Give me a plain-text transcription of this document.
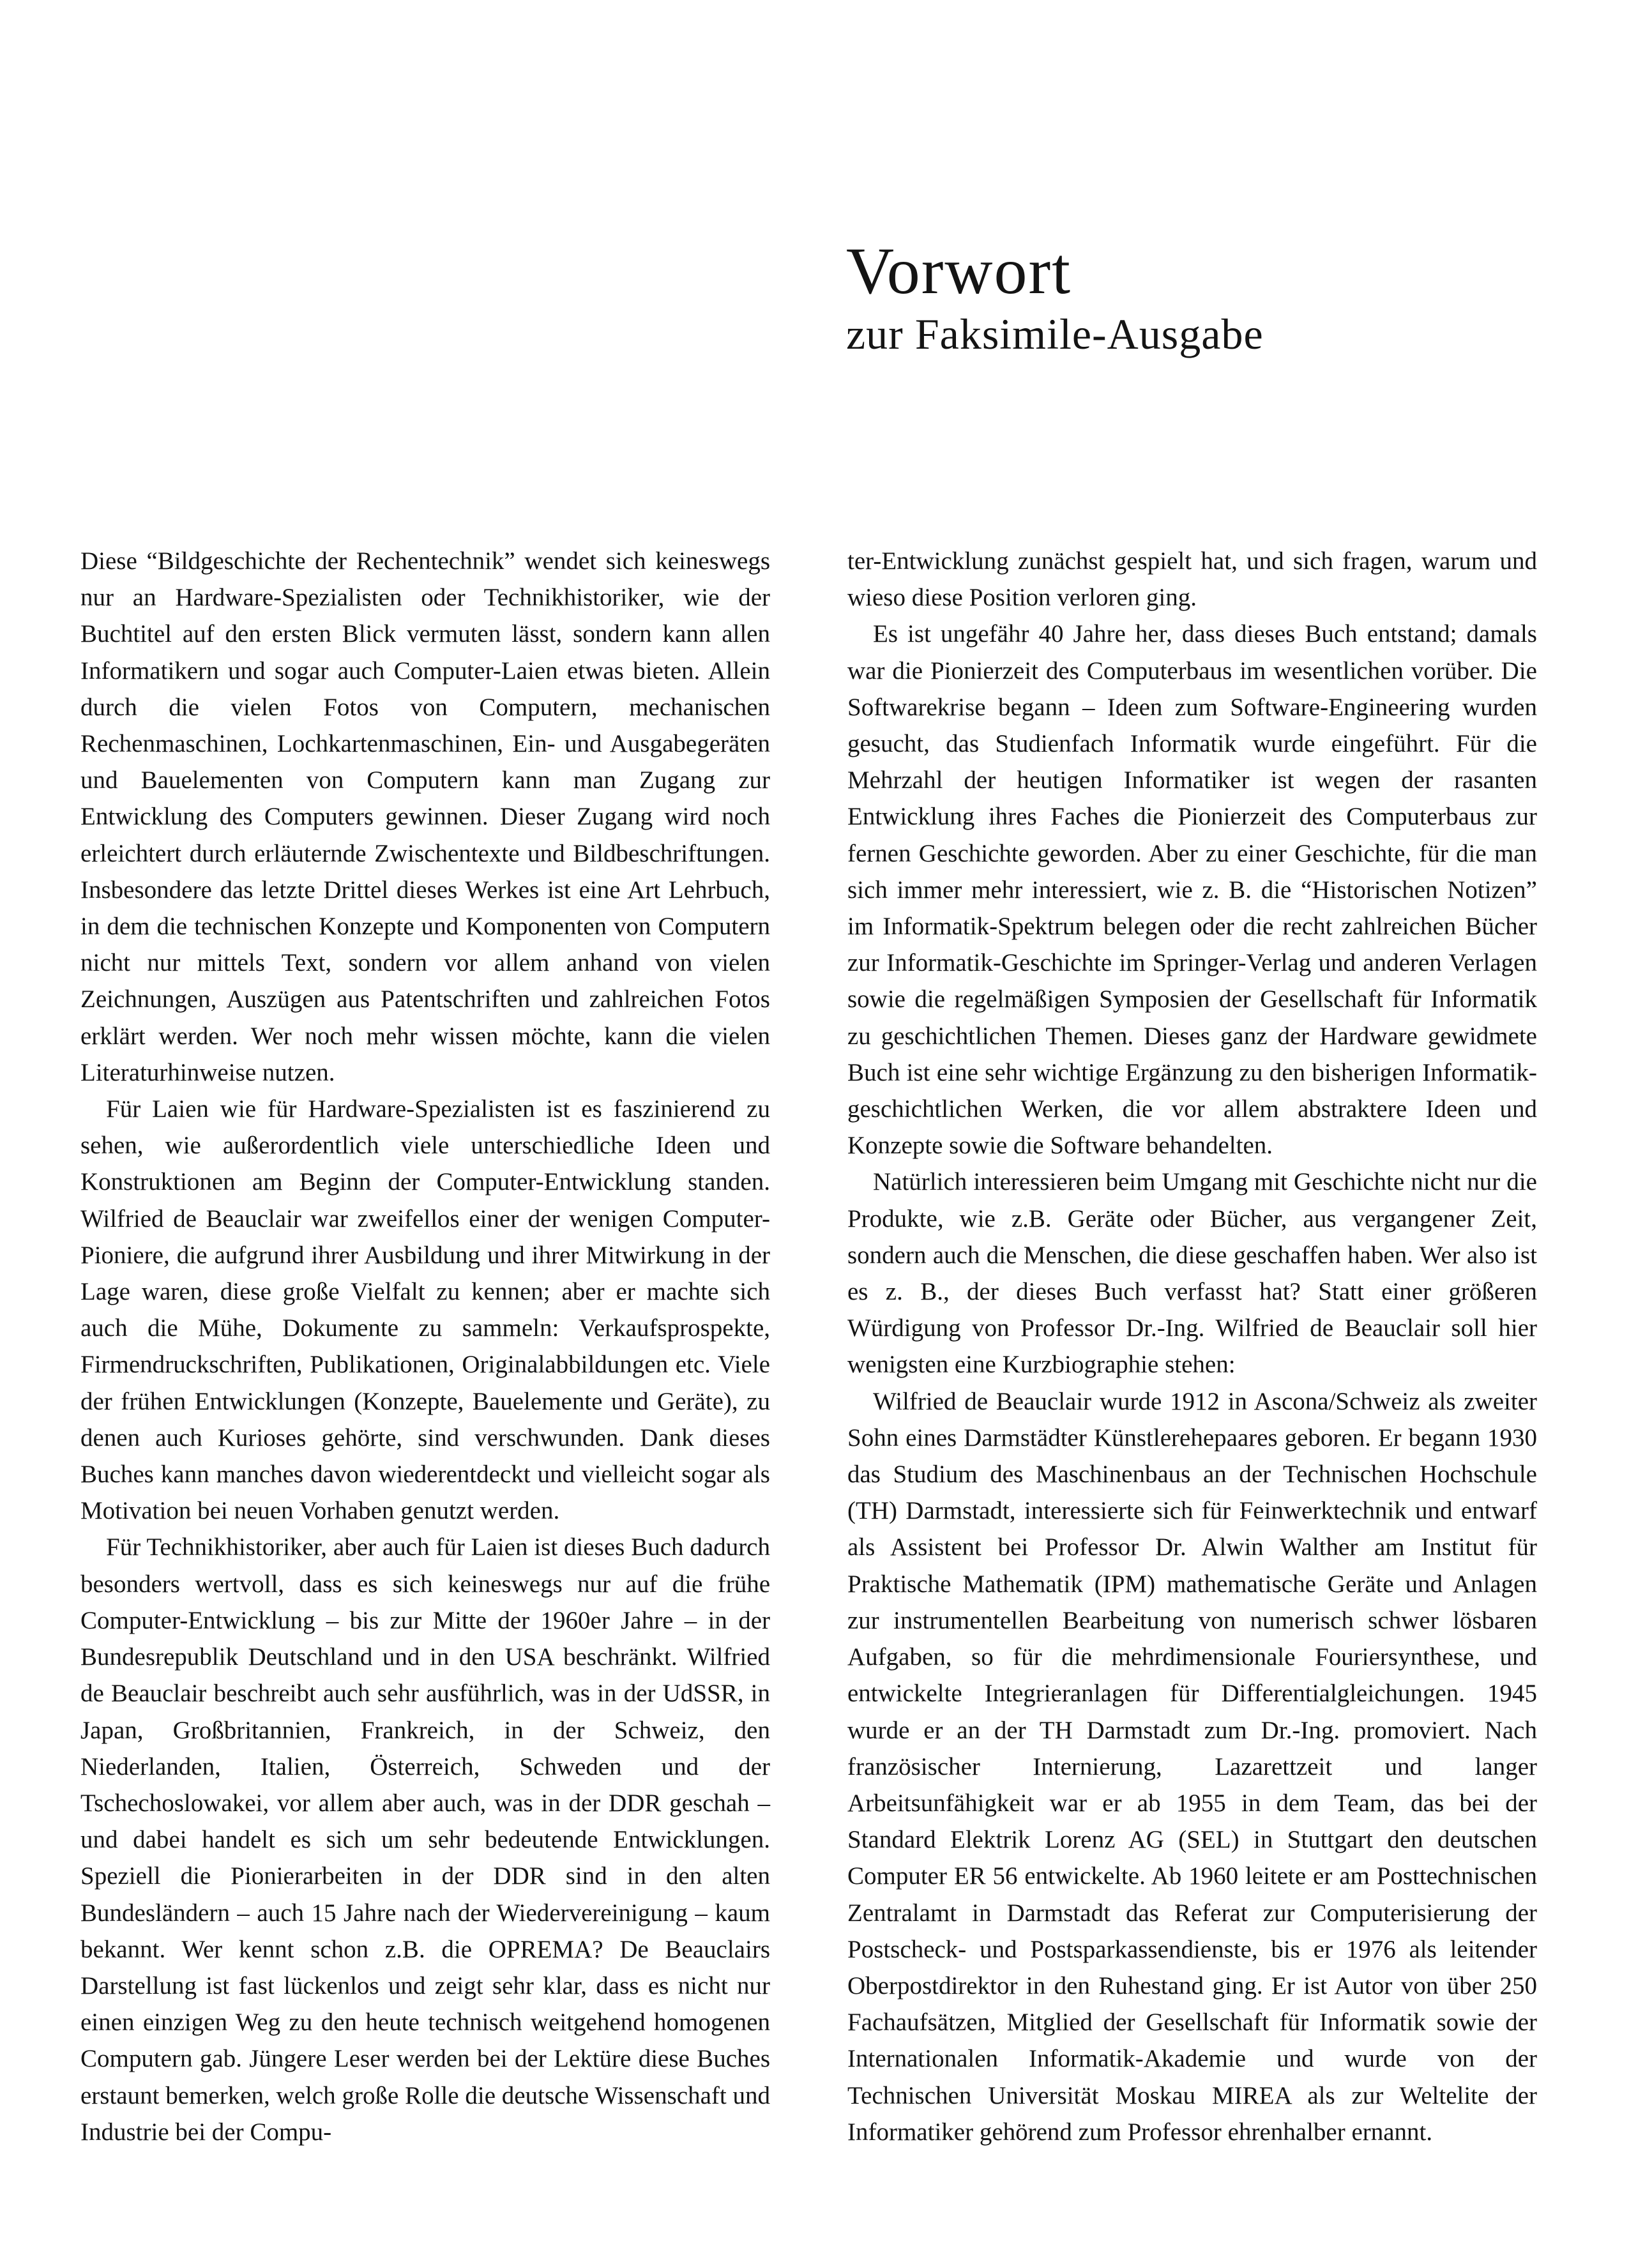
Vorwort
zur Faksimile-Ausgabe

Diese “Bildgeschichte der Rechentechnik” wendet sich keineswegs nur an Hardware-Spezialisten oder Technikhistoriker, wie der Buchtitel auf den ersten Blick vermuten lässt, sondern kann allen Informatikern und sogar auch Computer-Laien etwas bieten. Allein durch die vielen Fotos von Computern, mechanischen Rechenmaschinen, Lochkartenmaschinen, Ein- und Ausgabegeräten und Bauelementen von Computern kann man Zugang zur Entwicklung des Computers gewinnen. Dieser Zugang wird noch erleichtert durch erläuternde Zwischentexte und Bildbeschriftungen. Insbesondere das letzte Drittel dieses Werkes ist eine Art Lehrbuch, in dem die technischen Konzepte und Komponenten von Computern nicht nur mittels Text, sondern vor allem anhand von vielen Zeichnungen, Auszügen aus Patentschriften und zahlreichen Fotos erklärt werden. Wer noch mehr wissen möchte, kann die vielen Literaturhinweise nutzen.

Für Laien wie für Hardware-Spezialisten ist es faszinierend zu sehen, wie außerordentlich viele unterschiedliche Ideen und Konstruktionen am Beginn der Computer-Entwicklung standen. Wilfried de Beauclair war zweifellos einer der wenigen Computer-Pioniere, die aufgrund ihrer Ausbildung und ihrer Mitwirkung in der Lage waren, diese große Vielfalt zu kennen; aber er machte sich auch die Mühe, Dokumente zu sammeln: Verkaufsprospekte, Firmendruckschriften, Publikationen, Originalabbildungen etc. Viele der frühen Entwicklungen (Konzepte, Bauelemente und Geräte), zu denen auch Kurioses gehörte, sind verschwunden. Dank dieses Buches kann manches davon wiederentdeckt und vielleicht sogar als Motivation bei neuen Vorhaben genutzt werden.

Für Technikhistoriker, aber auch für Laien ist dieses Buch dadurch besonders wertvoll, dass es sich keineswegs nur auf die frühe Computer-Entwicklung – bis zur Mitte der 1960er Jahre – in der Bundesrepublik Deutschland und in den USA beschränkt. Wilfried de Beauclair beschreibt auch sehr ausführlich, was in der UdSSR, in Japan, Großbritannien, Frankreich, in der Schweiz, den Niederlanden, Italien, Österreich, Schweden und der Tschechoslowakei, vor allem aber auch, was in der DDR geschah – und dabei handelt es sich um sehr bedeutende Entwicklungen. Speziell die Pionierarbeiten in der DDR sind in den alten Bundesländern – auch 15 Jahre nach der Wiedervereinigung – kaum bekannt. Wer kennt schon z.B. die OPREMA? De Beauclairs Darstellung ist fast lückenlos und zeigt sehr klar, dass es nicht nur einen einzigen Weg zu den heute technisch weitgehend homogenen Computern gab. Jüngere Leser werden bei der Lektüre diese Buches erstaunt bemerken, welch große Rolle die deutsche Wissenschaft und Industrie bei der Compu-

ter-Entwicklung zunächst gespielt hat, und sich fragen, warum und wieso diese Position verloren ging.

Es ist ungefähr 40 Jahre her, dass dieses Buch entstand; damals war die Pionierzeit des Computerbaus im wesentlichen vorüber. Die Softwarekrise begann – Ideen zum Software-Engineering wurden gesucht, das Studienfach Informatik wurde eingeführt. Für die Mehrzahl der heutigen Informatiker ist wegen der rasanten Entwicklung ihres Faches die Pionierzeit des Computerbaus zur fernen Geschichte geworden. Aber zu einer Geschichte, für die man sich immer mehr interessiert, wie z. B. die “Historischen Notizen” im Informatik-Spektrum belegen oder die recht zahlreichen Bücher zur Informatik-Geschichte im Springer-Verlag und anderen Verlagen sowie die regelmäßigen Symposien der Gesellschaft für Informatik zu geschichtlichen Themen. Dieses ganz der Hardware gewidmete Buch ist eine sehr wichtige Ergänzung zu den bisherigen Informatik-geschichtlichen Werken, die vor allem abstraktere Ideen und Konzepte sowie die Software behandelten.

Natürlich interessieren beim Umgang mit Geschichte nicht nur die Produkte, wie z.B. Geräte oder Bücher, aus vergangener Zeit, sondern auch die Menschen, die diese geschaffen haben. Wer also ist es z. B., der dieses Buch verfasst hat? Statt einer größeren Würdigung von Professor Dr.-Ing. Wilfried de Beauclair soll hier wenigsten eine Kurzbiographie stehen:

Wilfried de Beauclair wurde 1912 in Ascona/Schweiz als zweiter Sohn eines Darmstädter Künstlerehepaares geboren. Er begann 1930 das Studium des Maschinenbaus an der Technischen Hochschule (TH) Darmstadt, interessierte sich für Feinwerktechnik und entwarf als Assistent bei Professor Dr. Alwin Walther am Institut für Praktische Mathematik (IPM) mathematische Geräte und Anlagen zur instrumentellen Bearbeitung von numerisch schwer lösbaren Aufgaben, so für die mehrdimensionale Fouriersynthese, und entwickelte Integrieranlagen für Differentialgleichungen. 1945 wurde er an der TH Darmstadt zum Dr.-Ing. promoviert. Nach französischer Internierung, Lazarettzeit und langer Arbeitsunfähigkeit war er ab 1955 in dem Team, das bei der Standard Elektrik Lorenz AG (SEL) in Stuttgart den deutschen Computer ER 56 entwickelte. Ab 1960 leitete er am Posttechnischen Zentralamt in Darmstadt das Referat zur Computerisierung der Postscheck- und Postsparkassendienste, bis er 1976 als leitender Oberpostdirektor in den Ruhestand ging. Er ist Autor von über 250 Fachaufsätzen, Mitglied der Gesellschaft für Informatik sowie der Internationalen Informatik-Akademie und wurde von der Technischen Universität Moskau MIREA als zur Weltelite der Informatiker gehörend zum Professor ehrenhalber ernannt.
